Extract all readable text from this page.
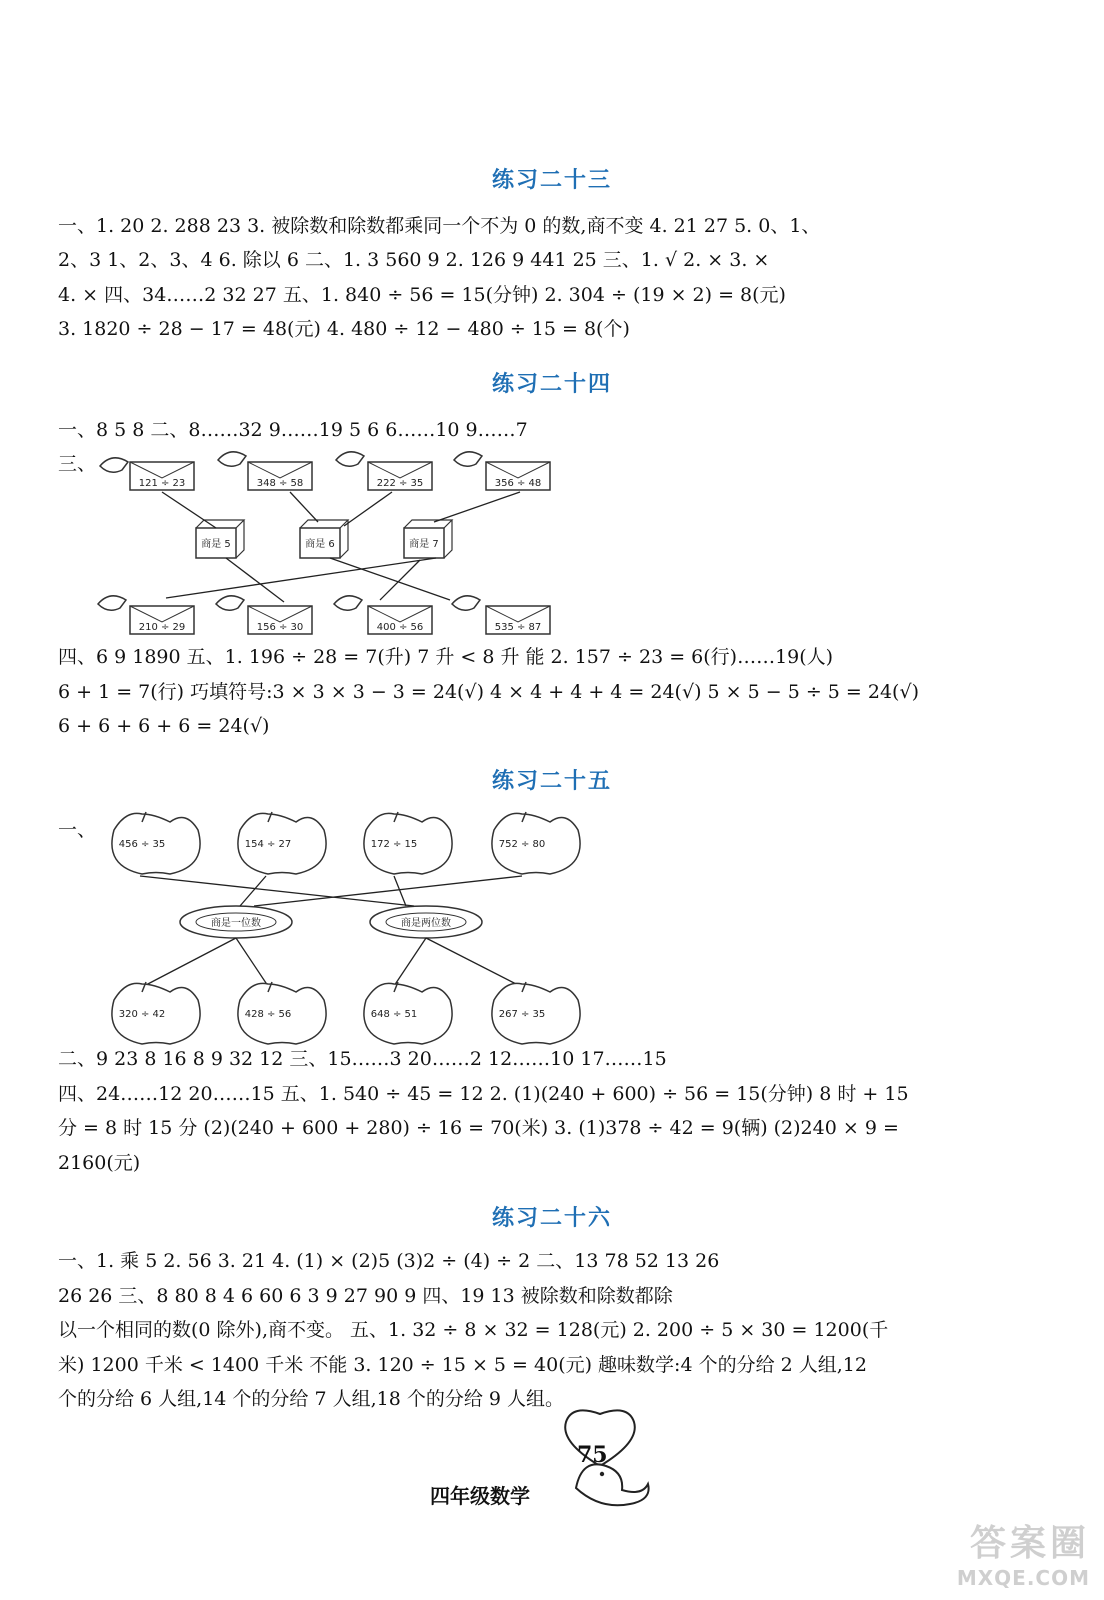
练习二十三
一、1. 20 2. 288 23 3. 被除数和除数都乘同一个不为 0 的数,商不变 4. 21 27 5. 0、1、
2、3 1、2、3、4 6. 除以 6 二、1. 3 560 9 2. 126 9 441 25 三、1. √ 2. × 3. ×
4. × 四、34……2 32 27 五、1. 840 ÷ 56 = 15(分钟) 2. 304 ÷ (19 × 2) = 8(元)
3. 1820 ÷ 28 − 17 = 48(元) 4. 480 ÷ 12 − 480 ÷ 15 = 8(个)
练习二十四
一、8 5 8 二、8……32 9……19 5 6 6……10 9……7
三、
121 ÷ 23	348 ÷ 58	222 ÷ 35	356 ÷ 48
商是 5	商是 6	商是 7
210 ÷ 29	156 ÷ 30	400 ÷ 56	535 ÷ 87
456 ÷ 35	154 ÷ 27	172 ÷ 15	752 ÷ 80
商是一位数	商是两位数
320 ÷ 42	428 ÷ 56	648 ÷ 51	267 ÷ 35
四、6 9 1890 五、1. 196 ÷ 28 = 7(升) 7 升 < 8 升 能 2. 157 ÷ 23 = 6(行)……19(人)
6 + 1 = 7(行) 巧填符号:3 × 3 × 3 − 3 = 24(√) 4 × 4 + 4 + 4 = 24(√) 5 × 5 − 5 ÷ 5 = 24(√)
6 + 6 + 6 + 6 = 24(√)
练习二十五
一、
二、9 23 8 16 8 9 32 12 三、15……3 20……2 12……10 17……15
四、24……12 20……15 五、1. 540 ÷ 45 = 12 2. (1)(240 + 600) ÷ 56 = 15(分钟) 8 时 + 15
分 = 8 时 15 分 (2)(240 + 600 + 280) ÷ 16 = 70(米) 3. (1)378 ÷ 42 = 9(辆) (2)240 × 9 =
2160(元)
练习二十六
一、1. 乘 5 2. 56 3. 21 4. (1) × (2)5 (3)2 ÷ (4) ÷ 2 二、13 78 52 13 26
26 26 三、8 80 8 4 6 60 6 3 9 27 90 9 四、19 13 被除数和除数都除
以一个相同的数(0 除外),商不变。 五、1. 32 ÷ 8 × 32 = 128(元) 2. 200 ÷ 5 × 30 = 1200(千
米) 1200 千米 < 1400 千米 不能 3. 120 ÷ 15 × 5 = 40(元) 趣味数学:4 个的分给 2 人组,12
个的分给 6 人组,14 个的分给 7 人组,18 个的分给 9 人组。
75
四年级数学
答案圈
MXQE.COM
